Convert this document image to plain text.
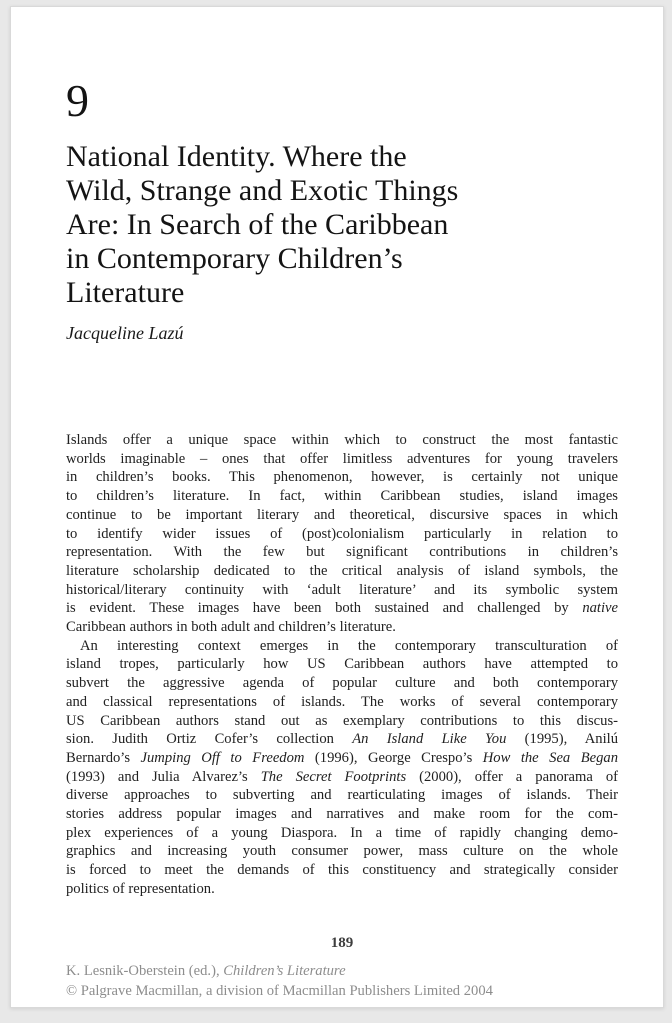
9
National Identity. Where the
Wild, Strange and Exotic Things
Are: In Search of the Caribbean
in Contemporary Children’s
Literature
Jacqueline Lazú
Islands offer a unique space within which to construct the most fantastic
worlds imaginable – ones that offer limitless adventures for young travelers
in children’s books. This phenomenon, however, is certainly not unique
to children’s literature. In fact, within Caribbean studies, island images
continue to be important literary and theoretical, discursive spaces in which
to identify wider issues of (post)colonialism particularly in relation to
representation. With the few but significant contributions in children’s
literature scholarship dedicated to the critical analysis of island symbols, the
historical/literary continuity with ‘adult literature’ and its symbolic system
is evident. These images have been both sustained and challenged by native
Caribbean authors in both adult and children’s literature.
An interesting context emerges in the contemporary transculturation of
island tropes, particularly how US Caribbean authors have attempted to
subvert the aggressive agenda of popular culture and both contemporary
and classical representations of islands. The works of several contemporary
US Caribbean authors stand out as exemplary contributions to this discus-
sion. Judith Ortiz Cofer’s collection An Island Like You (1995), Anilú
Bernardo’s Jumping Off to Freedom (1996), George Crespo’s How the Sea Began
(1993) and Julia Alvarez’s The Secret Footprints (2000), offer a panorama of
diverse approaches to subverting and rearticulating images of islands. Their
stories address popular images and narratives and make room for the com-
plex experiences of a young Diaspora. In a time of rapidly changing demo-
graphics and increasing youth consumer power, mass culture on the whole
is forced to meet the demands of this constituency and strategically consider
politics of representation.
189
K. Lesnik-Oberstein (ed.), Children’s Literature
© Palgrave Macmillan, a division of Macmillan Publishers Limited 2004
